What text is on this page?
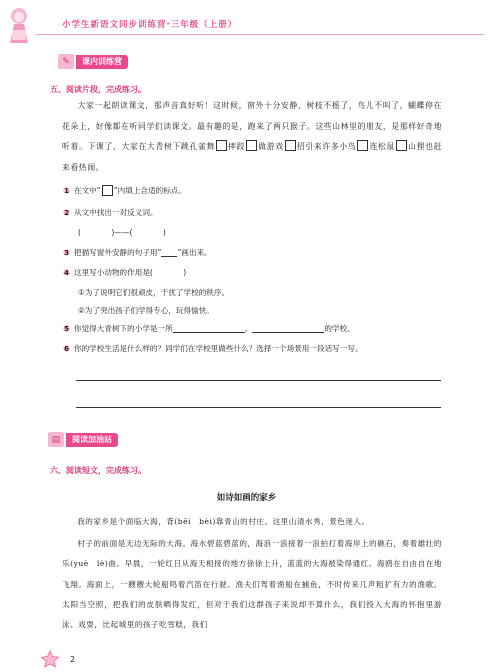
小学生新语文同步训练营·三年级（上册）
✎	课内训练营
五、阅读片段，完成练习。
大家一起朗读课文，那声音真好听！这时候，窗外十分安静，树枝不摇了，鸟儿不叫了，蝴蝶停在花朵上，好像都在听同学们读课文。最有趣的是，跑来了两只猴子。这些山林里的朋友，是那样好奇地听着。下课了，大家在大青树下跳孔雀舞 摔跤 做游戏 招引来许多小鸟 连松鼠 山狸也赶来看热闹。
1 在文中“ ”内填上合适的标点。
2 从文中找出一对反义词。
(　　　　)——(　　　　)
3 把描写窗外安静的句子用“ ”画出来。
4 这里写小动物的作用是(　　　　)
①为了说明它们很顽皮，干扰了学校的秩序。
②为了突出孩子们学得专心，玩得愉快。
5 你觉得大青树下的小学是一所	、	的学校。
6 你的学校生活是什么样的？同学们在学校里做些什么？选择一个场景用一段话写一写。
▤	阅读加油站
六、阅读短文，完成练习。
如诗如画的家乡
我的家乡是个面临大海，背(bēi　bèi)靠青山的村庄。这里山清水秀，景色迷人。
村子的前面是无边无际的大海。海水碧蓝碧蓝的，海浪一浪接着一浪拍打着海岸上的礁石，奏着雄壮的乐(yuè　lè)曲。早晨，一轮红日从海天相接的地方徐徐上升，蓝蓝的大海被染得通红。海鸥在自由自在地飞翔。海面上，一艘艘大轮船鸣着汽笛在行驶。渔夫们驾着渔船在捕鱼，不时传来几声粗犷有力的渔歌。太阳当空照，把我们的皮肤晒得发红，但对于我们这群孩子来说却不算什么，我们投入大海的怀抱里游泳、戏耍，比起城里的孩子吃雪糕，我们
2
